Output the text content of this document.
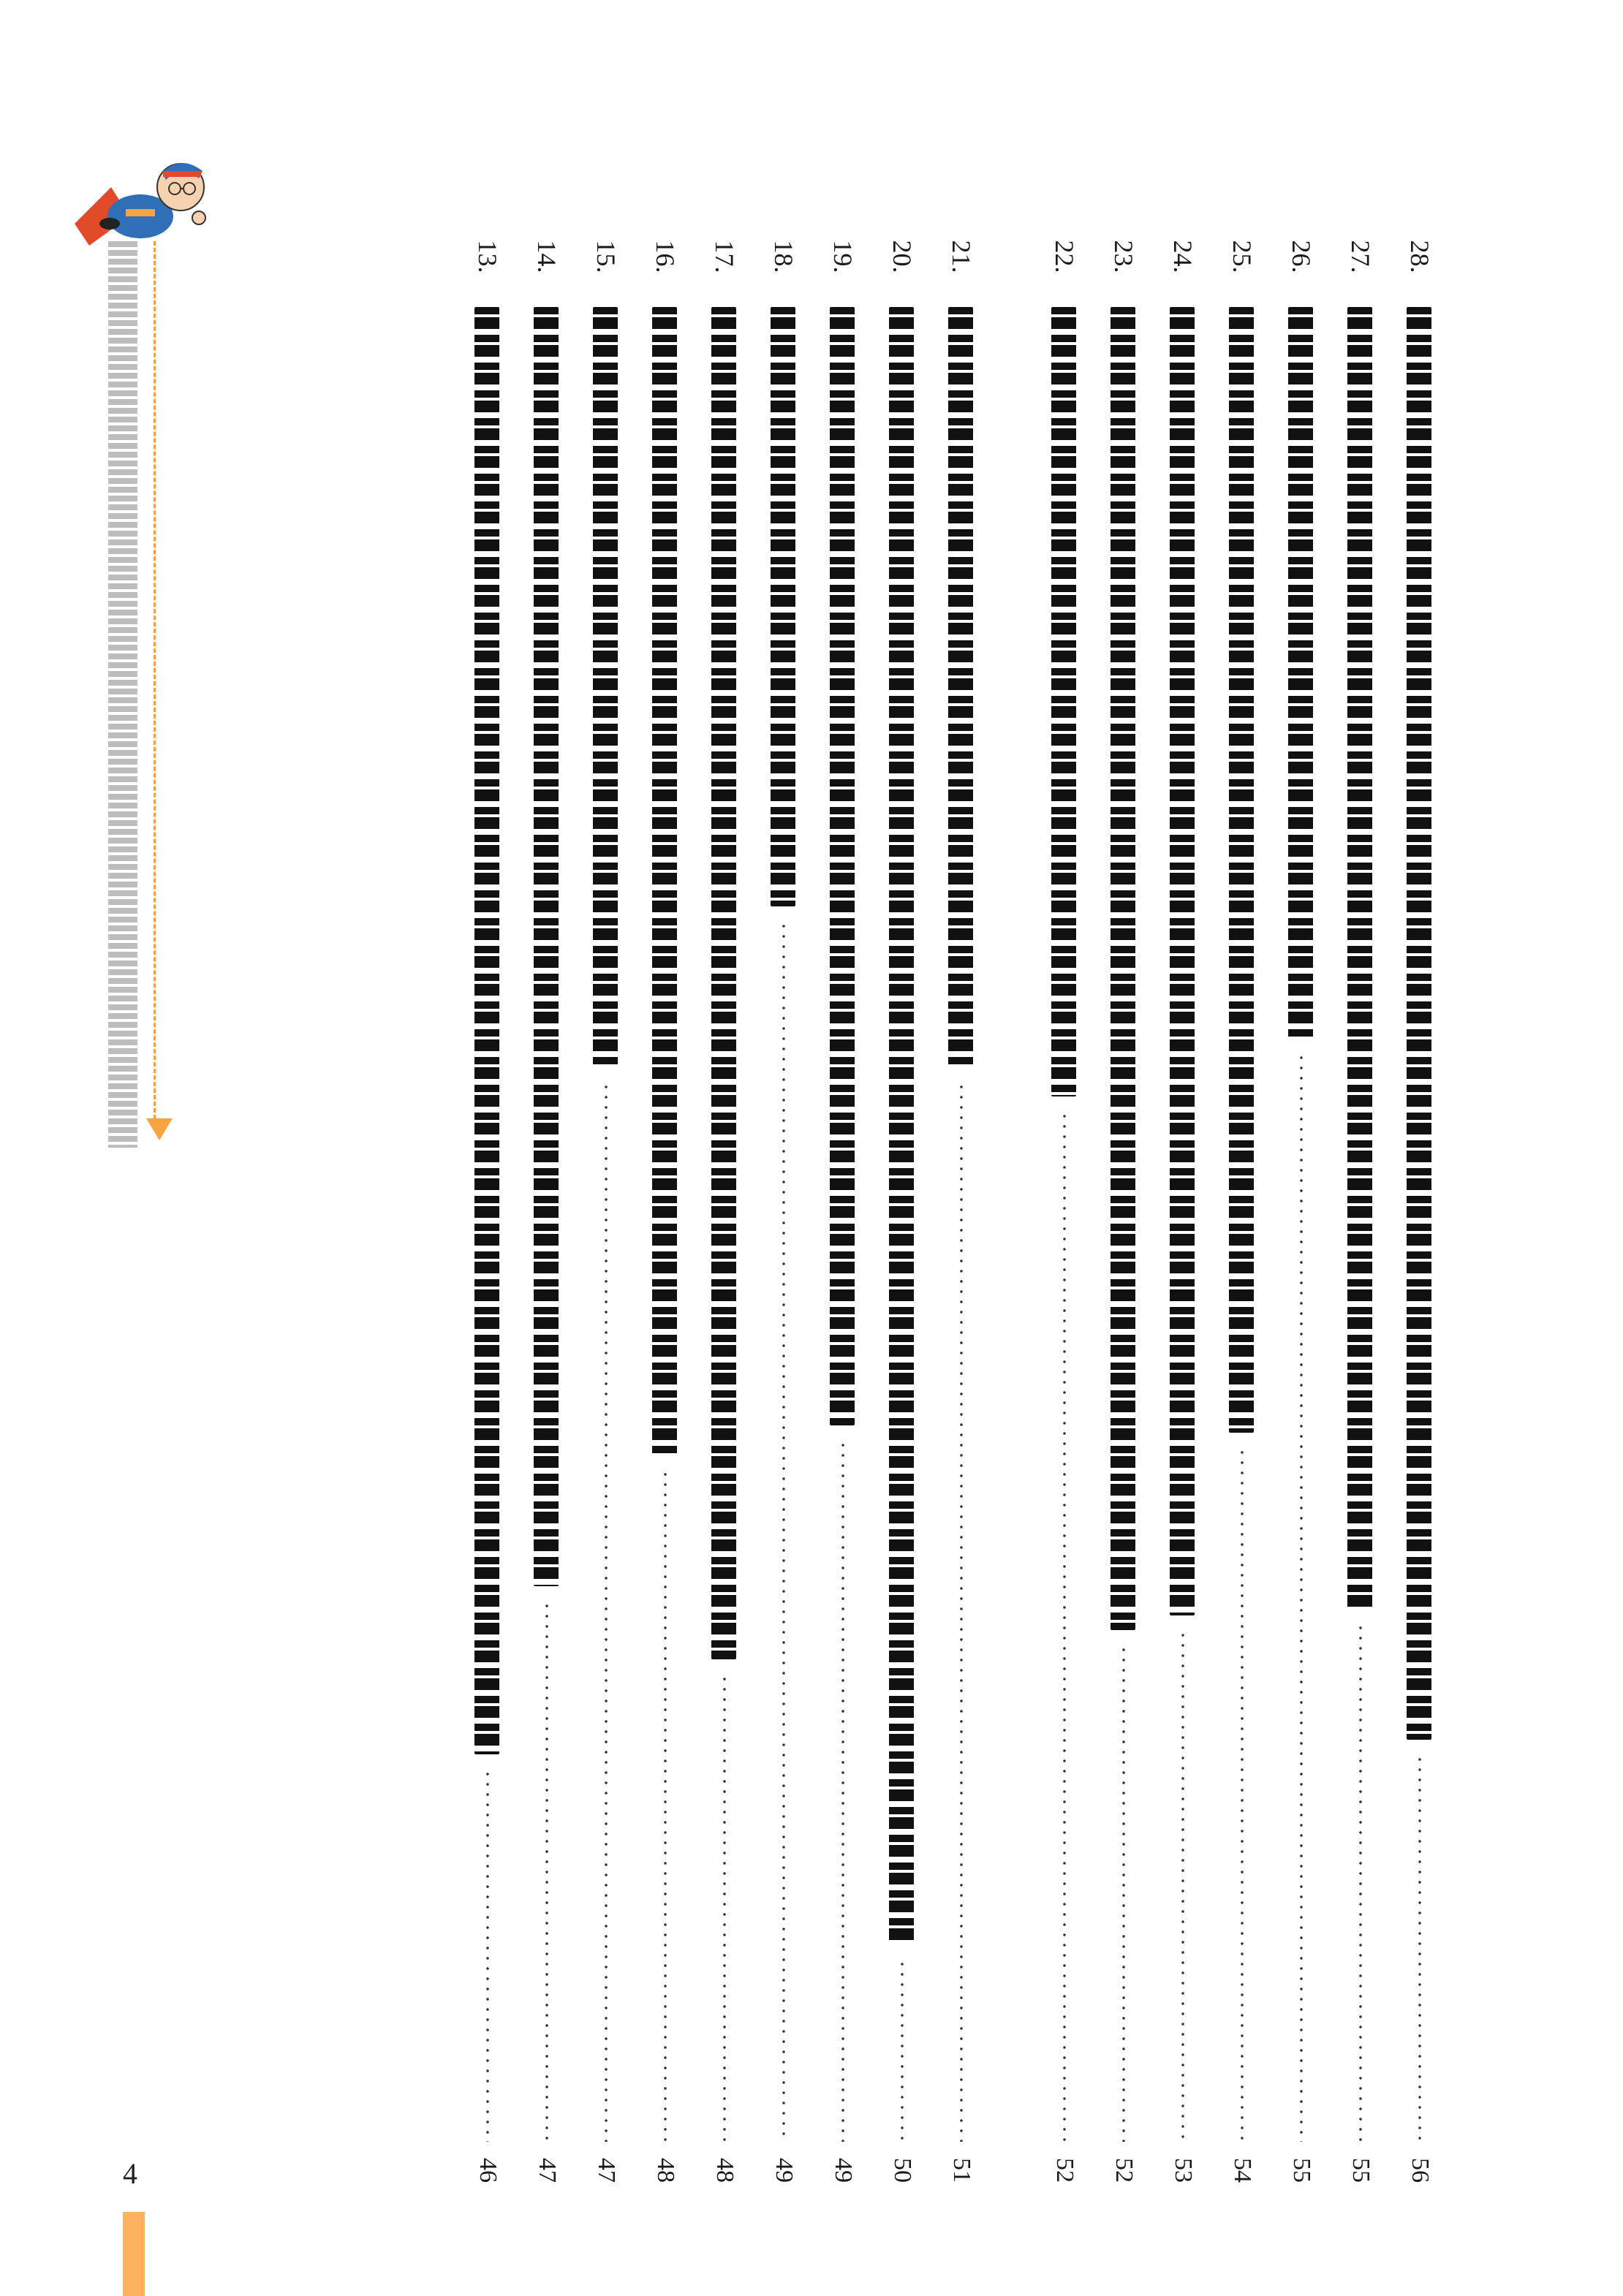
28.
56
27.
55
26.
55
25.
54
24.
53
23.
52
22.
52
21.
51
20.
50
19.
49
18.
49
17.
48
16.
48
15.
47
14.
47
13.
46
4
